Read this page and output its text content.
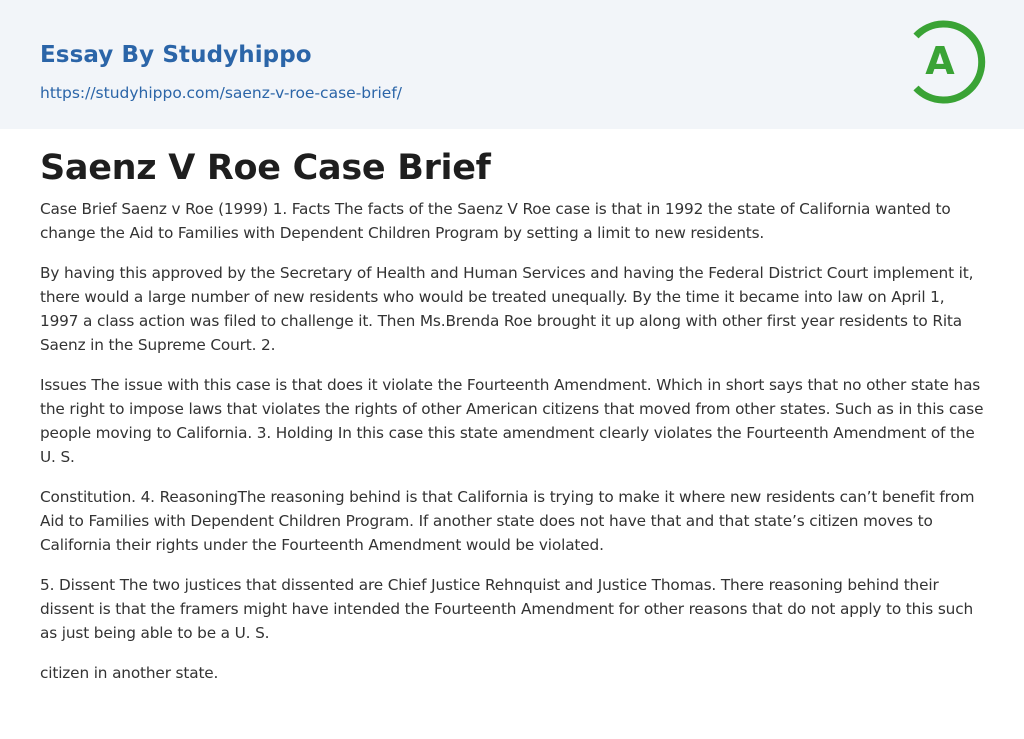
Essay By Studyhippo
https://studyhippo.com/saenz-v-roe-case-brief/
A
Saenz V Roe Case Brief

Case Brief Saenz v Roe (1999) 1. Facts The facts of the Saenz V Roe case is that in 1992 the state of California wanted to change the Aid to Families with Dependent Children Program by setting a limit to new residents.

By having this approved by the Secretary of Health and Human Services and having the Federal District Court implement it, there would a large number of new residents who would be treated unequally. By the time it became into law on April 1, 1997 a class action was filed to challenge it. Then Ms.Brenda Roe brought it up along with other first year residents to Rita Saenz in the Supreme Court. 2.

Issues The issue with this case is that does it violate the Fourteenth Amendment. Which in short says that no other state has the right to impose laws that violates the rights of other American citizens that moved from other states. Such as in this case people moving to California. 3. Holding In this case this state amendment clearly violates the Fourteenth Amendment of the U. S.

Constitution. 4. ReasoningThe reasoning behind is that California is trying to make it where new residents can’t benefit from Aid to Families with Dependent Children Program. If another state does not have that and that state’s citizen moves to California their rights under the Fourteenth Amendment would be violated.

5. Dissent The two justices that dissented are Chief Justice Rehnquist and Justice Thomas. There reasoning behind their dissent is that the framers might have intended the Fourteenth Amendment for other reasons that do not apply to this such as just being able to be a U. S.

citizen in another state.
